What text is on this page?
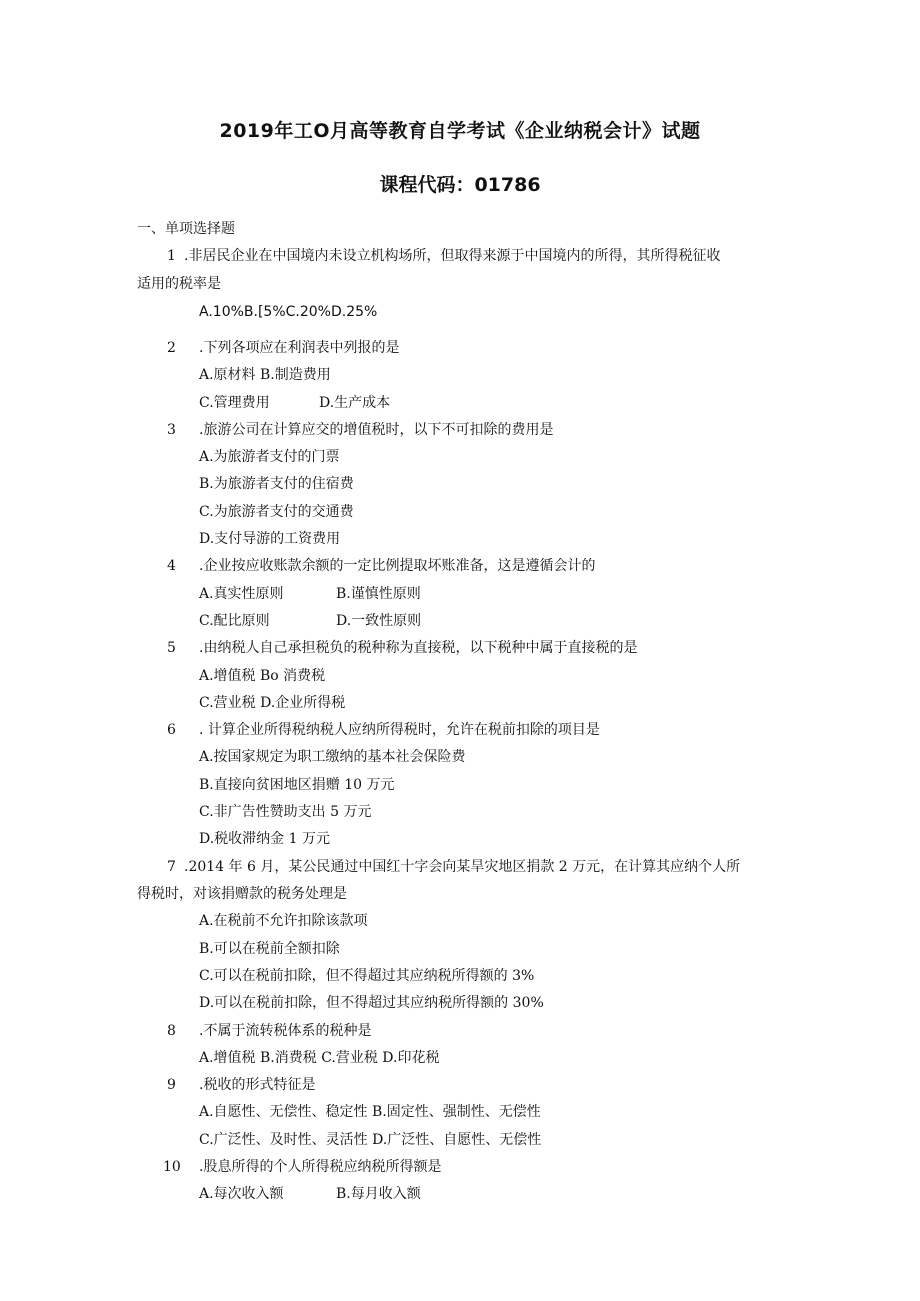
2019年工O月高等教育自学考试《企业纳税会计》试题
课程代码：01786
一、单项选择题
1 .非居民企业在中国境内未设立机构场所，但取得来源于中国境内的所得，其所得税征收
适用的税率是
A.10%B.[5%C.20%D.25%
2 .下列各项应在利润表中列报的是
A.原材料 B.制造费用
C.管理费用	D.生产成本
3 .旅游公司在计算应交的增值税时，以下不可扣除的费用是
A.为旅游者支付的门票
B.为旅游者支付的住宿费
C.为旅游者支付的交通费
D.支付导游的工资费用
4 .企业按应收账款余额的一定比例提取坏账准备，这是遵循会计的
A.真实性原则	B.谨慎性原则
C.配比原则	D.一致性原则
5 .由纳税人自己承担税负的税种称为直接税，以下税种中属于直接税的是
A.增值税 Bo 消费税
C.营业税 D.企业所得税
6 . 计算企业所得税纳税人应纳所得税时，允许在税前扣除的项目是
A.按国家规定为职工缴纳的基本社会保险费
B.直接向贫困地区捐赠 10 万元
C.非广告性赞助支出 5 万元
D.税收滞纳金 1 万元
7 .2014 年 6 月，某公民通过中国红十字会向某旱灾地区捐款 2 万元，在计算其应纳个人所
得税时，对该捐赠款的税务处理是
A.在税前不允许扣除该款项
B.可以在税前全额扣除
C.可以在税前扣除，但不得超过其应纳税所得额的 3%
D.可以在税前扣除，但不得超过其应纳税所得额的 30%
8 .不属于流转税体系的税种是
A.增值税 B.消费税 C.营业税 D.印花税
9 .税收的形式特征是
A.自愿性、无偿性、稳定性 B.固定性、强制性、无偿性
C.广泛性、及时性、灵活性 D.广泛性、自愿性、无偿性
10 .股息所得的个人所得税应纳税所得额是
A.每次收入额	B.每月收入额
